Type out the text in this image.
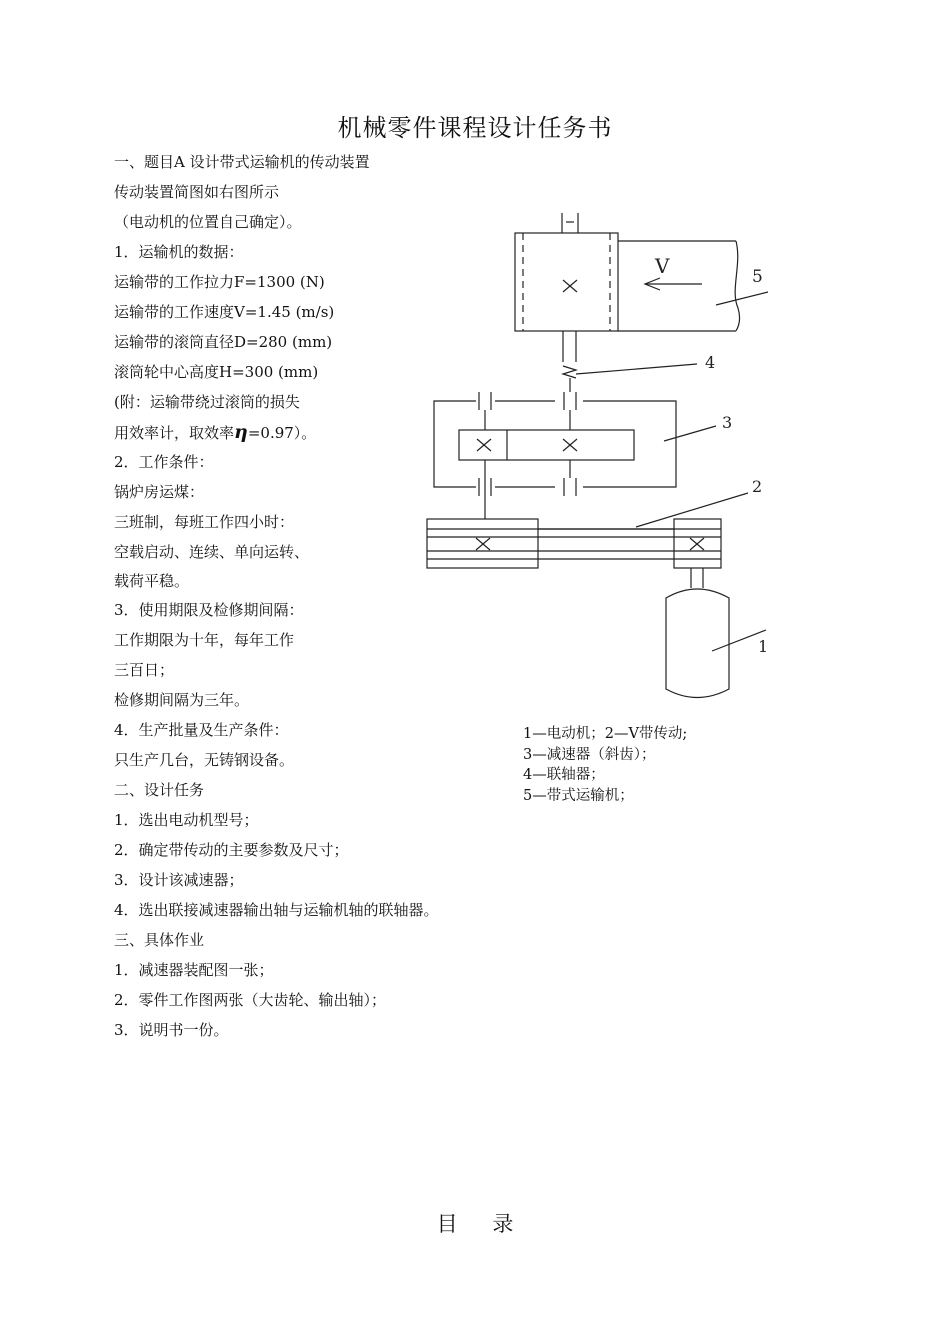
机械零件课程设计任务书
一、题目A 设计带式运输机的传动装置
传动装置简图如右图所示
（电动机的位置自己确定）。
1．运输机的数据：
运输带的工作拉力F=1300 (N)
运输带的工作速度V=1.45 (m/s)
运输带的滚筒直径D=280 (mm)
滚筒轮中心高度H=300 (mm)
(附：运输带绕过滚筒的损失
用效率计，取效率η=0.97）。
2．工作条件：
锅炉房运煤：
三班制，每班工作四小时：
空载启动、连续、单向运转、
载荷平稳。
3．使用期限及检修期间隔：
工作期限为十年，每年工作
三百日；
检修期间隔为三年。
4．生产批量及生产条件：
只生产几台，无铸钢设备。
二、设计任务
1．选出电动机型号；
2．确定带传动的主要参数及尺寸；
3．设计该减速器；
4．选出联接减速器输出轴与运输机轴的联轴器。
三、具体作业
1．减速器装配图一张；
2．零件工作图两张（大齿轮、输出轴）；
3．说明书一份。
V	5
4
3
2
1
1—电动机；2—V带传动;
3—减速器（斜齿）；
4—联轴器；
5—带式运输机；
目    录
